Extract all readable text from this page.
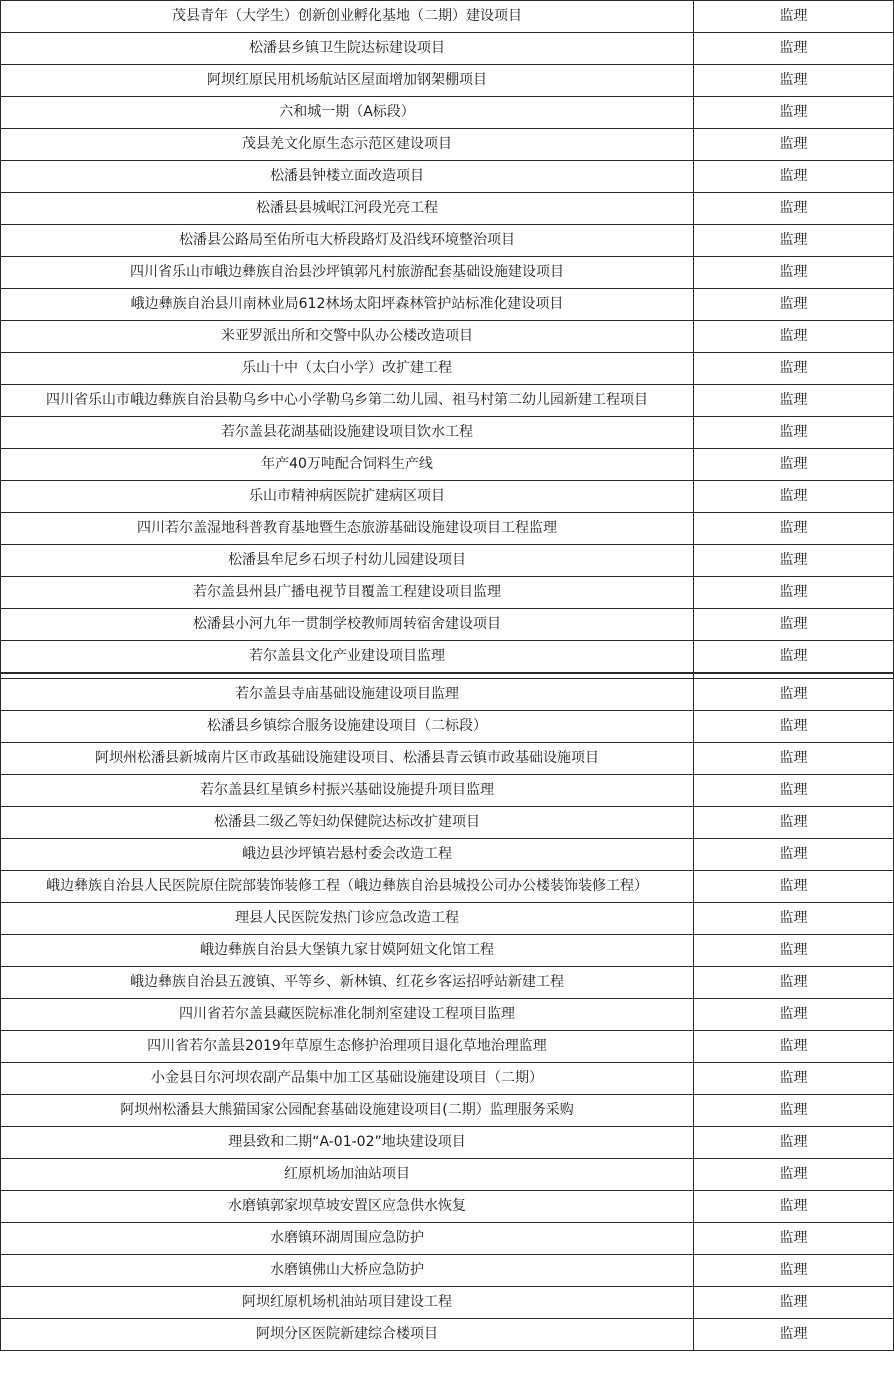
茂县青年（大学生）创新创业孵化基地（二期）建设项目	监理
松潘县乡镇卫生院达标建设项目	监理
阿坝红原民用机场航站区屋面增加钢架棚项目	监理
六和城一期（A标段）	监理
茂县羌文化原生态示范区建设项目	监理
松潘县钟楼立面改造项目	监理
松潘县县城岷江河段光亮工程	监理
松潘县公路局至佑所屯大桥段路灯及沿线环境整治项目	监理
四川省乐山市峨边彝族自治县沙坪镇郭凡村旅游配套基础设施建设项目	监理
峨边彝族自治县川南林业局612林场太阳坪森林管护站标准化建设项目	监理
米亚罗派出所和交警中队办公楼改造项目	监理
乐山十中（太白小学）改扩建工程	监理
四川省乐山市峨边彝族自治县勒乌乡中心小学勒乌乡第二幼儿园、祖马村第二幼儿园新建工程项目	监理
若尔盖县花湖基础设施建设项目饮水工程	监理
年产40万吨配合饲料生产线	监理
乐山市精神病医院扩建病区项目	监理
四川若尔盖湿地科普教育基地暨生态旅游基础设施建设项目工程监理	监理
松潘县牟尼乡石坝子村幼儿园建设项目	监理
若尔盖县州县广播电视节目覆盖工程建设项目监理	监理
松潘县小河九年一贯制学校教师周转宿舍建设项目	监理
若尔盖县文化产业建设项目监理	监理

若尔盖县寺庙基础设施建设项目监理	监理
松潘县乡镇综合服务设施建设项目（二标段）	监理
阿坝州松潘县新城南片区市政基础设施建设项目、松潘县青云镇市政基础设施项目	监理
若尔盖县红星镇乡村振兴基础设施提升项目监理	监理
松潘县二级乙等妇幼保健院达标改扩建项目	监理
峨边县沙坪镇岩悬村委会改造工程	监理
峨边彝族自治县人民医院原住院部装饰装修工程（峨边彝族自治县城投公司办公楼装饰装修工程）	监理
理县人民医院发热门诊应急改造工程	监理
峨边彝族自治县大堡镇九家甘嫫阿妞文化馆工程	监理
峨边彝族自治县五渡镇、平等乡、新林镇、红花乡客运招呼站新建工程	监理
四川省若尔盖县藏医院标准化制剂室建设工程项目监理	监理
四川省若尔盖县2019年草原生态修护治理项目退化草地治理监理	监理
小金县日尔河坝农副产品集中加工区基础设施建设项目（二期）	监理
阿坝州松潘县大熊猫国家公园配套基础设施建设项目(二期）监理服务采购	监理
理县致和二期“A-01-02”地块建设项目	监理
红原机场加油站项目	监理
水磨镇郭家坝草坡安置区应急供水恢复	监理
水磨镇环湖周围应急防护	监理
水磨镇佛山大桥应急防护	监理
阿坝红原机场机油站项目建设工程	监理
阿坝分区医院新建综合楼项目	监理
